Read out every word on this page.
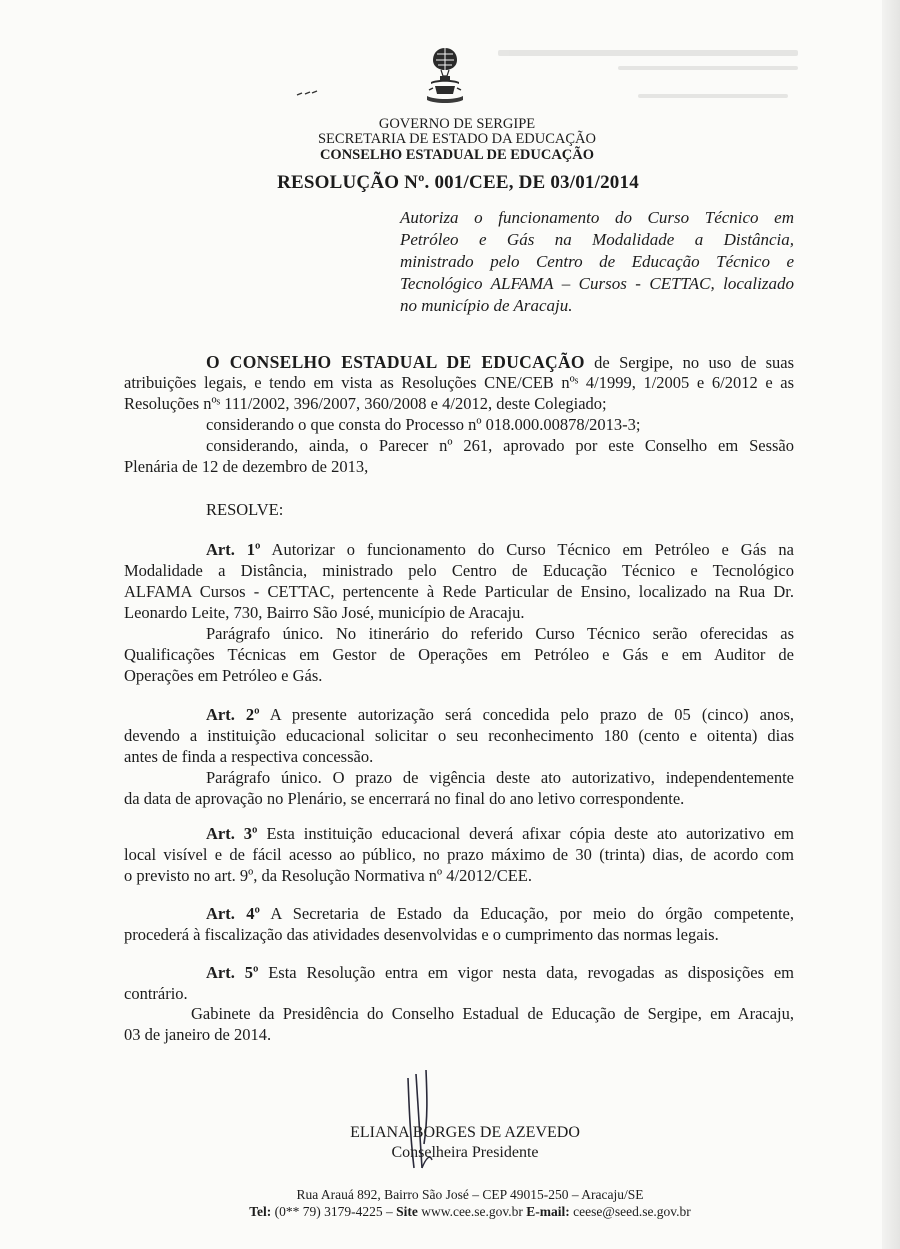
GOVERNO DE SERGIPE
SECRETARIA DE ESTADO DA EDUCAÇÃO
CONSELHO ESTADUAL DE EDUCAÇÃO
RESOLUÇÃO Nº. 001/CEE, DE 03/01/2014
Autoriza o funcionamento do Curso Técnico em
Petróleo e Gás na Modalidade a Distância,
ministrado pelo Centro de Educação Técnico e
Tecnológico ALFAMA – Cursos - CETTAC, localizado
no município de Aracaju.
O CONSELHO ESTADUAL DE EDUCAÇÃO de Sergipe, no uso de suas
atribuições legais, e tendo em vista as Resoluções CNE/CEB nºˢ 4/1999, 1/2005 e 6/2012 e as
Resoluções nºˢ 111/2002, 396/2007, 360/2008 e 4/2012, deste Colegiado;
considerando o que consta do Processo nº 018.000.00878/2013-3;
considerando, ainda, o Parecer nº 261, aprovado por este Conselho em Sessão
Plenária de 12 de dezembro de 2013,
RESOLVE:
Art. 1º Autorizar o funcionamento do Curso Técnico em Petróleo e Gás na
Modalidade a Distância, ministrado pelo Centro de Educação Técnico e Tecnológico
ALFAMA Cursos - CETTAC, pertencente à Rede Particular de Ensino, localizado na Rua Dr.
Leonardo Leite, 730, Bairro São José, município de Aracaju.
Parágrafo único. No itinerário do referido Curso Técnico serão oferecidas as
Qualificações Técnicas em Gestor de Operações em Petróleo e Gás e em Auditor de
Operações em Petróleo e Gás.
Art. 2º A presente autorização será concedida pelo prazo de 05 (cinco) anos,
devendo a instituição educacional solicitar o seu reconhecimento 180 (cento e oitenta) dias
antes de finda a respectiva concessão.
Parágrafo único. O prazo de vigência deste ato autorizativo, independentemente
da data de aprovação no Plenário, se encerrará no final do ano letivo correspondente.
Art. 3º Esta instituição educacional deverá afixar cópia deste ato autorizativo em
local visível e de fácil acesso ao público, no prazo máximo de 30 (trinta) dias, de acordo com
o previsto no art. 9º, da Resolução Normativa nº 4/2012/CEE.
Art. 4º A Secretaria de Estado da Educação, por meio do órgão competente,
procederá à fiscalização das atividades desenvolvidas e o cumprimento das normas legais.
Art. 5º Esta Resolução entra em vigor nesta data, revogadas as disposições em
contrário.
Gabinete da Presidência do Conselho Estadual de Educação de Sergipe, em Aracaju,
03 de janeiro de 2014.
ELIANA BORGES DE AZEVEDO
Conselheira Presidente
Rua Arauá 892, Bairro São José – CEP 49015-250 – Aracaju/SE
Tel: (0** 79) 3179-4225 – Site www.cee.se.gov.br E-mail: ceese@seed.se.gov.br
